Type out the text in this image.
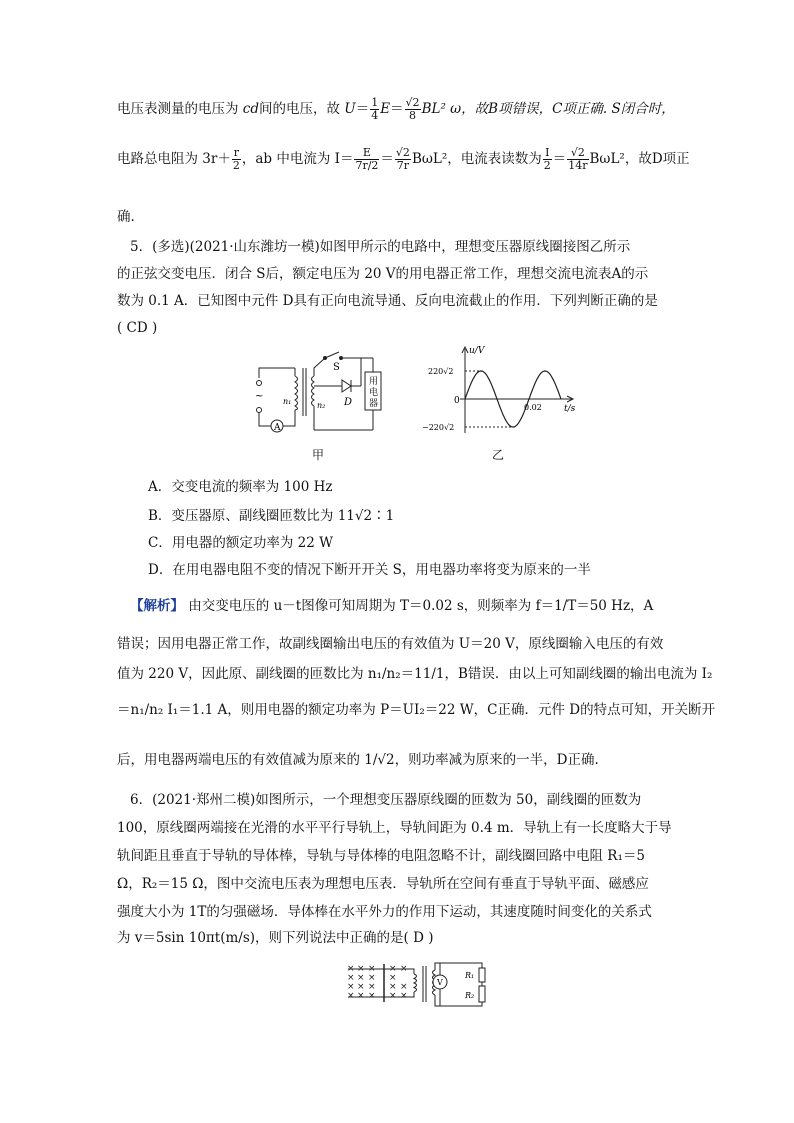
电压表测量的电压为 cd间的电压，故 $U= \frac{1}{4} E= \frac{√2}{8} BL^2$ ω，故B项错误，C项正确. S闭合时，
电路总电阻为 $3r+ \frac{r}{2}$ ，ab 中电流为 $I= \frac{E}{7r/2} = \frac{√2}{7r} B\omega L^2$，电流表读数为 $\frac{I}{2} = \frac{√2}{14r} B\omega L^2$，故D项正
确.
5．(多选)(2021·山东潍坊一模)如图甲所示的电路中，理想变压器原线圈接图乙所示
的正弦交变电压．闭合 S后，额定电压为 20 V的用电器正常工作，理想交流电流表A的示
数为 0.1 A．已知图中元件 D具有正向电流导通、反向电流截止的作用．下列判断正确的是
( CD )
~
A
n₁	n₂
S
D
用电器
甲
u/V
t/s
0
0.02
220√2
−220√2
乙
A．交变电流的频率为 100 Hz
B．变压器原、副线圈匝数比为 11√2∶1
C．用电器的额定功率为 22 W
D．在用电器电阻不变的情况下断开开关 S，用电器功率将变为原来的一半
【解析】 由交变电压的 u－t图像可知周期为 T＝0.02 s，则频率为 f＝1/T＝50 Hz，A
错误；因用电器正常工作，故副线圈输出电压的有效值为 U＝20 V，原线圈输入电压的有效
值为 220 V，因此原、副线圈的匝数比为 n₁/n₂＝11/1，B错误．由以上可知副线圈的输出电流为 I₂
＝n₁/n₂ I₁＝1.1 A，则用电器的额定功率为 P＝UI₂＝22 W，C正确．元件 D的特点可知，开关断开
后，用电器两端电压的有效值减为原来的 1/√2，则功率减为原来的一半，D正确.
6．(2021·郑州二模)如图所示，一个理想变压器原线圈的匝数为 50，副线圈的匝数为
100，原线圈两端接在光滑的水平平行导轨上，导轨间距为 0.4 m．导轨上有一长度略大于导
轨间距且垂直于导轨的导体棒，导轨与导体棒的电阻忽略不计，副线圈回路中电阻 R₁＝5
Ω，R₂＝15 Ω，图中交流电压表为理想电压表．导轨所在空间有垂直于导轨平面、磁感应
强度大小为 1T的匀强磁场．导体棒在水平外力的作用下运动，其速度随时间变化的关系式
为 v＝5sin 10πt(m/s)，则下列说法中正确的是( D )
× × × × ×
× × × ×
× × × × ×
× × × × ×
V
R₁
R₂
